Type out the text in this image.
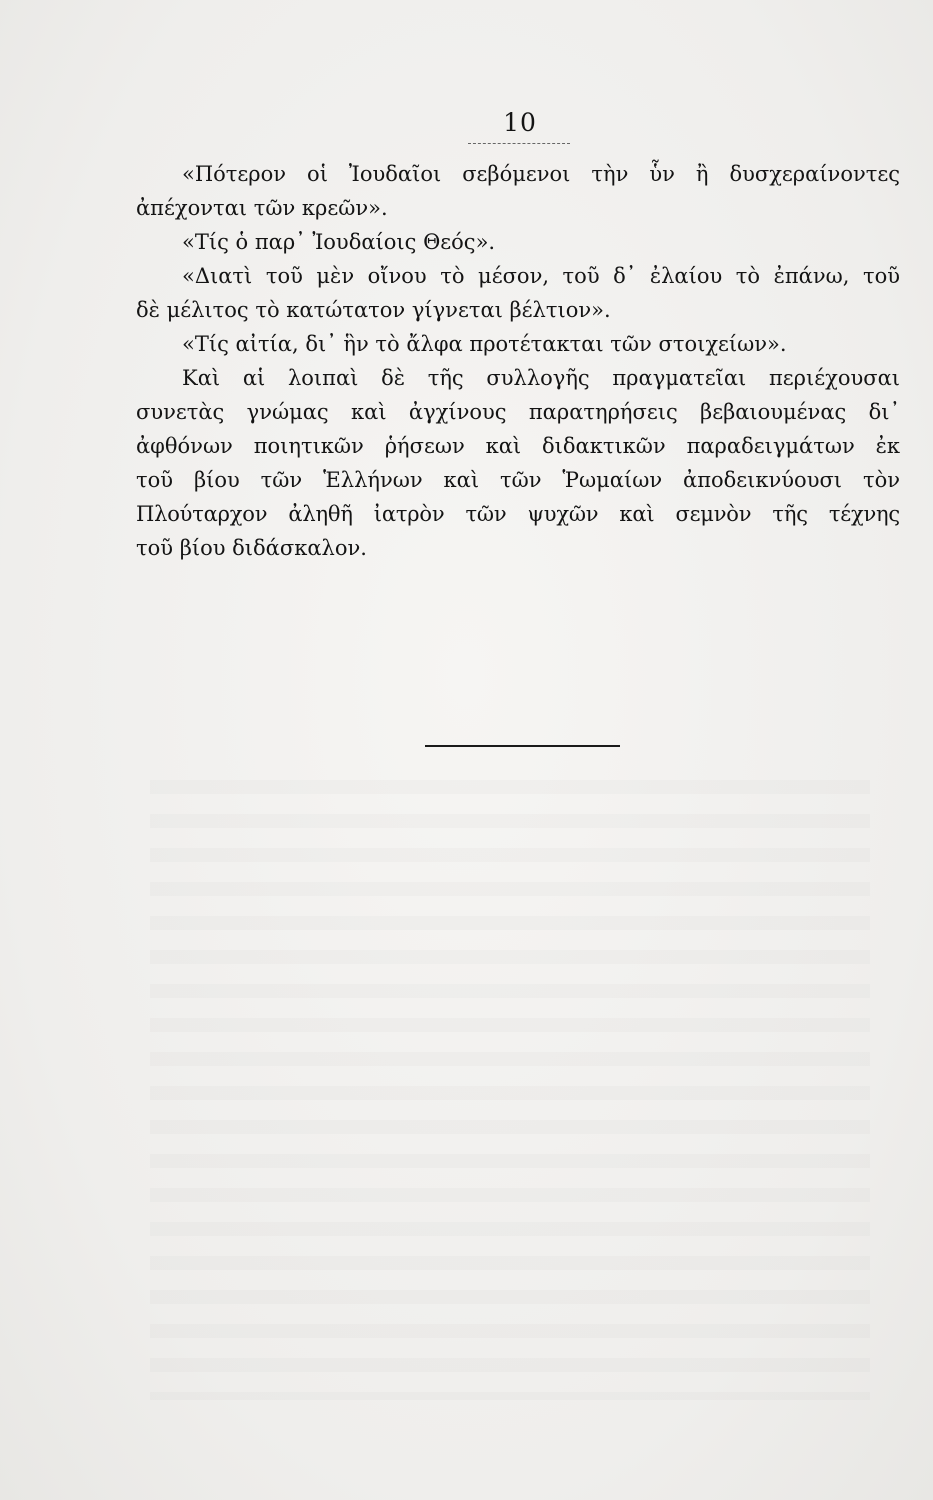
10
«Πότερον οἱ Ἰουδαῖοι σεβόμενοι τὴν ὗν ἢ δυσχεραίνοντες
ἀπέχονται τῶν κρεῶν».
«Τίς ὁ παρ᾽ Ἰουδαίοις Θεός».
«Διατὶ τοῦ μὲν οἴνου τὸ μέσον, τοῦ δ᾽ ἐλαίου τὸ ἐπάνω, τοῦ
δὲ μέλιτος τὸ κατώτατον γίγνεται βέλτιον».
«Τίς αἰτία, δι᾽ ἣν τὸ ἄλφα προτέτακται τῶν στοιχείων».
Καὶ αἱ λοιπαὶ δὲ τῆς συλλογῆς πραγματεῖαι περιέχουσαι
συνετὰς γνώμας καὶ ἀγχίνους παρατηρήσεις βεβαιουμένας δι᾽
ἀφθόνων ποιητικῶν ῥήσεων καὶ διδακτικῶν παραδειγμάτων ἐκ
τοῦ βίου τῶν Ἑλλήνων καὶ τῶν Ῥωμαίων ἀποδεικνύουσι τὸν
Πλούταρχον ἀληθῆ ἰατρὸν τῶν ψυχῶν καὶ σεμνὸν τῆς τέχνης
τοῦ βίου διδάσκαλον.
